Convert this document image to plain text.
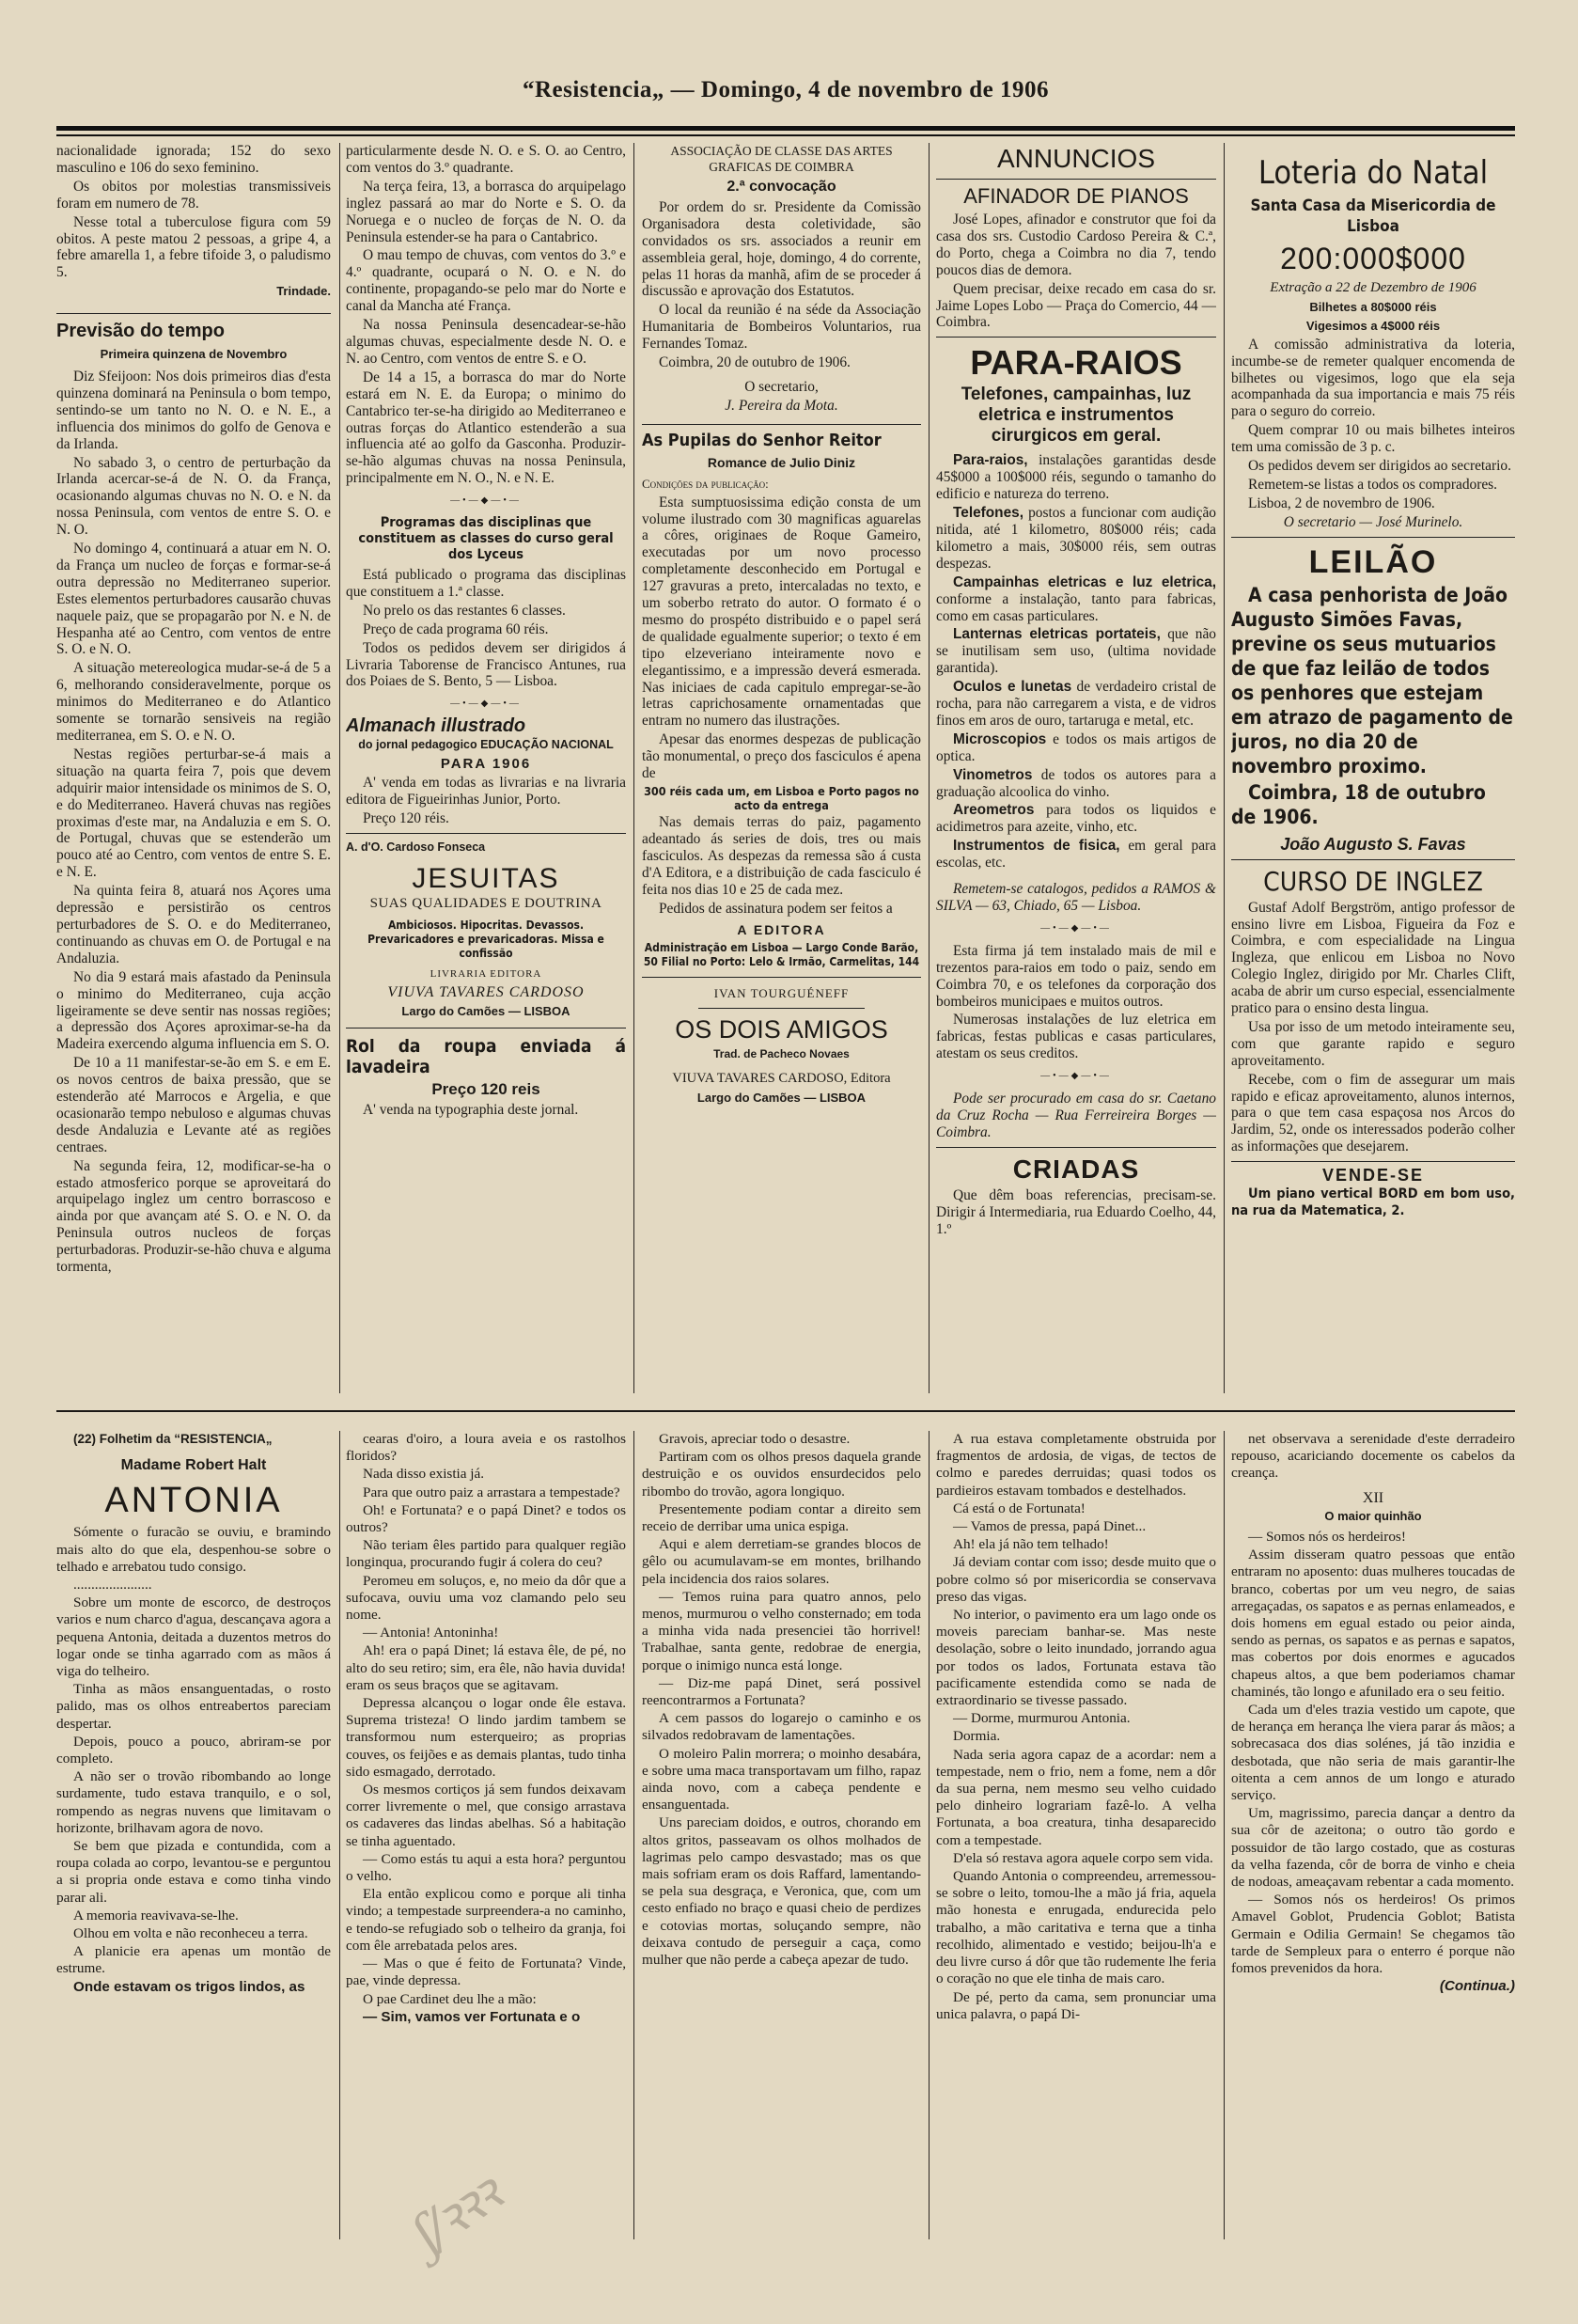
“Resistencia„ — Domingo, 4 de novembro de 1906

nacionalidade ignorada; 152 do sexo masculino e 106 do sexo feminino.

Os obitos por molestias transmissiveis foram em numero de 78.

Nesse total a tuberculose figura com 59 obitos. A peste matou 2 pessoas, a gripe 4, a febre amarella 1, a febre tifoide 3, o paludismo 5.

Trindade.

Previsão do tempo

Primeira quinzena de Novembro

Diz Sfeijoon: Nos dois primeiros dias d'esta quinzena dominará na Peninsula o bom tempo, sentindo-se um tanto no N. O. e N. E., a influencia dos minimos do golfo de Genova e da Irlanda.

No sabado 3, o centro de perturbação da Irlanda acercar-se-á de N. O. da França, ocasionando algumas chuvas no N. O. e N. da nossa Peninsula, com ventos de entre S. O. e N. O.

No domingo 4, continuará a atuar em N. O. da França um nucleo de forças e formar-se-á outra depressão no Mediterraneo superior. Estes elementos perturbadores causarão chuvas naquele paiz, que se propagarão por N. e N. de Hespanha até ao Centro, com ventos de entre S. O. e N. O.

A situação metereologica mudar-se-á de 5 a 6, melhorando consideravelmente, porque os minimos do Mediterraneo e do Atlantico somente se tornarão sensiveis na região mediterranea, em S. O. e N. O.

Nestas regiões perturbar-se-á mais a situação na quarta feira 7, pois que devem adquirir maior intensidade os minimos de S. O, e do Mediterraneo. Haverá chuvas nas regiões proximas d'este mar, na Andaluzia e em S. O. de Portugal, chuvas que se estenderão um pouco até ao Centro, com ventos de entre S. E. e N. E.

Na quinta feira 8, atuará nos Açores uma depressão e persistirão os centros perturbadores de S. O. e do Mediterraneo, continuando as chuvas em O. de Portugal e na Andaluzia.

No dia 9 estará mais afastado da Peninsula o minimo do Mediterraneo, cuja acção ligeiramente se deve sentir nas nossas regiões; a depressão dos Açores aproximar-se-ha da Madeira exercendo alguma influencia em S. O.

De 10 a 11 manifestar-se-ão em S. e em E. os novos centros de baixa pressão, que se estenderão até Marrocos e Argelia, e que ocasionarão tempo nebuloso e algumas chuvas desde Andaluzia e Levante até as regiões centraes.

Na segunda feira, 12, modificar-se-ha o estado atmosferico porque se aproveitará do arquipelago inglez um centro borrascoso e ainda por que avançam até S. O. e N. O. da Peninsula outros nucleos de forças perturbadoras. Produzir-se-hão chuva e alguma tormenta,

particularmente desde N. O. e S. O. ao Centro, com ventos do 3.º quadrante.

Na terça feira, 13, a borrasca do arquipelago inglez passará ao mar do Norte e S. O. da Noruega e o nucleo de forças de N. O. da Peninsula estender-se ha para o Cantabrico.

O mau tempo de chuvas, com ventos do 3.º e 4.º quadrante, ocupará o N. O. e N. do continente, propagando-se pelo mar do Norte e canal da Mancha até França.

Na nossa Peninsula desencadear-se-hão algumas chuvas, especialmente desde N. O. e N. ao Centro, com ventos de entre S. e O.

De 14 a 15, a borrasca do mar do Norte estará em N. E. da Europa; o minimo do Cantabrico ter-se-ha dirigido ao Mediterraneo e outras forças do Atlantico estenderão a sua influencia até ao golfo da Gasconha. Produzir-se-hão algumas chuvas na nossa Peninsula, principalmente em N. O., N. e N. E.

—•—◆—•—

Programas das disciplinas que constituem as classes do curso geral dos Lyceus

Está publicado o programa das disciplinas que constituem a 1.ª classe.

No prelo os das restantes 6 classes.

Preço de cada programa 60 réis.

Todos os pedidos devem ser dirigidos á Livraria Taborense de Francisco Antunes, rua dos Poiaes de S. Bento, 5 — Lisboa.

—•—◆—•—

Almanach illustrado

do jornal pedagogico EDUCAÇÃO NACIONAL

PARA 1906

A' venda em todas as livrarias e na livraria editora de Figueirinhas Junior, Porto.

Preço 120 réis.

A. d'O. Cardoso Fonseca

JESUITAS

SUAS QUALIDADES E DOUTRINA

Ambiciosos. Hipocritas. Devassos. Prevaricadores e prevaricadoras. Missa e confissão

LIVRARIA EDITORA

VIUVA TAVARES CARDOSO

Largo do Camões — LISBOA

Rol da roupa enviada á lavadeira

Preço 120 reis

A' venda na typographia deste jornal.

ASSOCIAÇÃO DE CLASSE DAS ARTES GRAFICAS DE COIMBRA

2.ª convocação

Por ordem do sr. Presidente da Comissão Organisadora desta coletividade, são convidados os srs. associados a reunir em assembleia geral, hoje, domingo, 4 do corrente, pelas 11 horas da manhã, afim de se proceder á discussão e aprovação dos Estatutos.

O local da reunião é na séde da Associação Humanitaria de Bombeiros Voluntarios, rua Fernandes Tomaz.

Coimbra, 20 de outubro de 1906.

O secretario,

J. Pereira da Mota.

As Pupilas do Senhor Reitor

Romance de Julio Diniz

Condições da publicação:

Esta sumptuosissima edição consta de um volume ilustrado com 30 magnificas aguarelas a côres, originaes de Roque Gameiro, executadas por um novo processo completamente desconhecido em Portugal e 127 gravuras a preto, intercaladas no texto, e um soberbo retrato do autor. O formato é o mesmo do prospéto distribuido e o papel será de qualidade egualmente superior; o texto é em tipo elzeveriano inteiramente novo e elegantissimo, e a impressão deverá esmerada. Nas iniciaes de cada capitulo empregar-se-ão letras caprichosamente ornamentadas que entram no numero das ilustrações.

Apesar das enormes despezas de publicação tão monumental, o preço dos fasciculos é apena de

300 réis cada um, em Lisboa e Porto pagos no acto da entrega

Nas demais terras do paiz, pagamento adeantado ás series de dois, tres ou mais fasciculos. As despezas da remessa são á custa d'A Editora, e a distribuição de cada fasciculo é feita nos dias 10 e 25 de cada mez.

Pedidos de assinatura podem ser feitos a

A EDITORA

Administração em Lisboa — Largo Conde Barão, 50 Filial no Porto: Lelo & Irmão, Carmelitas, 144

IVAN TOURGUÉNEFF

OS DOIS AMIGOS

Trad. de Pacheco Novaes

VIUVA TAVARES CARDOSO, Editora

Largo do Camões — LISBOA

ANNUNCIOS

AFINADOR DE PIANOS

José Lopes, afinador e construtor que foi da casa dos srs. Custodio Cardoso Pereira & C.ª, do Porto, chega a Coimbra no dia 7, tendo poucos dias de demora.

Quem precisar, deixe recado em casa do sr. Jaime Lopes Lobo — Praça do Comercio, 44 — Coimbra.

PARA-RAIOS

Telefones, campainhas, luz eletrica e instrumentos cirurgicos em geral.

Para-raios, instalações garantidas desde 45$000 a 100$000 réis, segundo o tamanho do edificio e natureza do terreno.

Telefones, postos a funcionar com audição nitida, até 1 kilometro, 80$000 réis; cada kilometro a mais, 30$000 réis, sem outras despezas.

Campainhas eletricas e luz eletrica, conforme a instalação, tanto para fabricas, como em casas particulares.

Lanternas eletricas portateis, que não se inutilisam sem uso, (ultima novidade garantida).

Oculos e lunetas de verdadeiro cristal de rocha, para não carregarem a vista, e de vidros finos em aros de ouro, tartaruga e metal, etc.

Microscopios e todos os mais artigos de optica.

Vinometros de todos os autores para a graduação alcoolica do vinho.

Areometros para todos os liquidos e acidimetros para azeite, vinho, etc.

Instrumentos de fisica, em geral para escolas, etc.

Remetem-se catalogos, pedidos a RAMOS & SILVA — 63, Chiado, 65 — Lisboa.

—•—◆—•—

Esta firma já tem instalado mais de mil e trezentos para-raios em todo o paiz, sendo em Coimbra 70, e os telefones da corporação dos bombeiros municipaes e muitos outros.

Numerosas instalações de luz eletrica em fabricas, festas publicas e casas particulares, atestam os seus creditos.

—•—◆—•—

Pode ser procurado em casa do sr. Caetano da Cruz Rocha — Rua Ferreireira Borges — Coimbra.

CRIADAS

Que dêm boas referencias, precisam-se. Dirigir á Intermediaria, rua Eduardo Coelho, 44, 1.º

Loteria do Natal

Santa Casa da Misericordia de Lisboa

200:000$000

Extração a 22 de Dezembro de 1906

Bilhetes a 80$000 réis

Vigesimos a 4$000 réis

A comissão administrativa da loteria, incumbe-se de remeter qualquer encomenda de bilhetes ou vigesimos, logo que ela seja acompanhada da sua importancia e mais 75 réis para o seguro do correio.

Quem comprar 10 ou mais bilhetes inteiros tem uma comissão de 3 p. c.

Os pedidos devem ser dirigidos ao secretario.

Remetem-se listas a todos os compradores.

Lisboa, 2 de novembro de 1906.

O secretario — José Murinelo.

LEILÃO

A casa penhorista de João Augusto Simões Favas, previne os seus mutuarios de que faz leilão de todos os penhores que estejam em atrazo de pagamento de juros, no dia 20 de novembro proximo.

Coimbra, 18 de outubro de 1906.

João Augusto S. Favas

CURSO DE INGLEZ

Gustaf Adolf Bergström, antigo professor de ensino livre em Lisboa, Figueira da Foz e Coimbra, e com especialidade na Lingua Ingleza, que enlicou em Lisboa no Novo Colegio Inglez, dirigido por Mr. Charles Clift, acaba de abrir um curso especial, essencialmente pratico para o ensino desta lingua.

Usa por isso de um metodo inteiramente seu, com que garante rapido e seguro aproveitamento.

Recebe, com o fim de assegurar um mais rapido e eficaz aproveitamento, alunos internos, para o que tem casa espaçosa nos Arcos do Jardim, 52, onde os interessados poderão colher as informações que desejarem.

VENDE-SE

Um piano vertical BORD em bom uso, na rua da Matematica, 2.

(22) Folhetim da “RESISTENCIA„

Madame Robert Halt

ANTONIA

Sómente o furacão se ouviu, e bramindo mais alto do que ela, despenhou-se sobre o telhado e arrebatou tudo consigo.

......................

Sobre um monte de escorco, de destroços varios e num charco d'agua, descançava agora a pequena Antonia, deitada a duzentos metros do logar onde se tinha agarrado com as mãos á viga do telheiro.

Tinha as mãos ensanguentadas, o rosto palido, mas os olhos entreabertos pareciam despertar.

Depois, pouco a pouco, abriram-se por completo.

A não ser o trovão ribombando ao longe surdamente, tudo estava tranquilo, e o sol, rompendo as negras nuvens que limitavam o horizonte, brilhavam agora de novo.

Se bem que pizada e contundida, com a roupa colada ao corpo, levantou-se e perguntou a si propria onde estava e como tinha vindo parar ali.

A memoria reavivava-se-lhe.

Olhou em volta e não reconheceu a terra.

A planicie era apenas um montão de estrume.

Onde estavam os trigos lindos, as

cearas d'oiro, a loura aveia e os rastolhos floridos?

Nada disso existia já.

Para que outro paiz a arrastara a tempestade?

Oh! e Fortunata? e o papá Dinet? e todos os outros?

Não teriam êles partido para qualquer região longinqua, procurando fugir á colera do ceu?

Peromeu em soluços, e, no meio da dôr que a sufocava, ouviu uma voz clamando pelo seu nome.

— Antonia! Antoninha!

Ah! era o papá Dinet; lá estava êle, de pé, no alto do seu retiro; sim, era êle, não havia duvida! eram os seus braços que se agitavam.

Depressa alcançou o logar onde êle estava. Suprema tristeza! O lindo jardim tambem se transformou num esterqueiro; as proprias couves, os feijões e as demais plantas, tudo tinha sido esmagado, derrotado.

Os mesmos cortiços já sem fundos deixavam correr livremente o mel, que consigo arrastava os cadaveres das lindas abelhas. Só a habitação se tinha aguentado.

— Como estás tu aqui a esta hora? perguntou o velho.

Ela então explicou como e porque ali tinha vindo; a tempestade surpreendera-a no caminho, e tendo-se refugiado sob o telheiro da granja, foi com êle arrebatada pelos ares.

— Mas o que é feito de Fortunata? Vinde, pae, vinde depressa.

O pae Cardinet deu lhe a mão:

— Sim, vamos ver Fortunata e o

Gravois, apreciar todo o desastre.

Partiram com os olhos presos daquela grande destruição e os ouvidos ensurdecidos pelo ribombo do trovão, agora longiquo.

Presentemente podiam contar a direito sem receio de derribar uma unica espiga.

Aqui e alem derretiam-se grandes blocos de gêlo ou acumulavam-se em montes, brilhando pela incidencia dos raios solares.

— Temos ruina para quatro annos, pelo menos, murmurou o velho consternado; em toda a minha vida nada presenciei tão horrivel! Trabalhae, santa gente, redobrae de energia, porque o inimigo nunca está longe.

— Diz-me papá Dinet, será possivel reencontrarmos a Fortunata?

A cem passos do logarejo o caminho e os silvados redobravam de lamentações.

O moleiro Palin morrera; o moinho desabára, e sobre uma maca transportavam um filho, rapaz ainda novo, com a cabeça pendente e ensanguentada.

Uns pareciam doidos, e outros, chorando em altos gritos, passeavam os olhos molhados de lagrimas pelo campo desvastado; mas os que mais sofriam eram os dois Raffard, lamentando-se pela sua desgraça, e Veronica, que, com um cesto enfiado no braço e quasi cheio de perdizes e cotovias mortas, soluçando sempre, não deixava contudo de perseguir a caça, como mulher que não perde a cabeça apezar de tudo.

A rua estava completamente obstruida por fragmentos de ardosia, de vigas, de tectos de colmo e paredes derruidas; quasi todos os pardieiros estavam tombados e destelhados.

Cá está o de Fortunata!

— Vamos de pressa, papá Dinet...

Ah! ela já não tem telhado!

Já deviam contar com isso; desde muito que o pobre colmo só por misericordia se conservava preso das vigas.

No interior, o pavimento era um lago onde os moveis pareciam banhar-se. Mas neste desolação, sobre o leito inundado, jorrando agua por todos os lados, Fortunata estava tão pacificamente estendida como se nada de extraordinario se tivesse passado.

— Dorme, murmurou Antonia.

Dormia.

Nada seria agora capaz de a acordar: nem a tempestade, nem o frio, nem a fome, nem a dôr da sua perna, nem mesmo seu velho cuidado pelo dinheiro lograriam fazê-lo. A velha Fortunata, a boa creatura, tinha desaparecido com a tempestade.

D'ela só restava agora aquele corpo sem vida.

Quando Antonia o compreendeu, arremessou-se sobre o leito, tomou-lhe a mão já fria, aquela mão honesta e enrugada, endurecida pelo trabalho, a mão caritativa e terna que a tinha recolhido, alimentado e vestido; beijou-lh'a e deu livre curso á dôr que tão rudemente lhe feria o coração no que ele tinha de mais caro.

De pé, perto da cama, sem pronunciar uma unica palavra, o papá Di-

net observava a serenidade d'este derradeiro repouso, acariciando docemente os cabelos da creança.

XII

O maior quinhão

— Somos nós os herdeiros!

Assim disseram quatro pessoas que então entraram no aposento: duas mulheres toucadas de branco, cobertas por um veu negro, de saias arregaçadas, os sapatos e as pernas enlameados, e dois homens em egual estado ou peior ainda, sendo as pernas, os sapatos e as pernas e sapatos, mas cobertos por dois enormes e agucados chapeus altos, a que bem poderiamos chamar chaminés, tão longo e afunilado era o seu feitio.

Cada um d'eles trazia vestido um capote, que de herança em herança lhe viera parar ás mãos; a sobrecasaca dos dias solénes, já tão inzidia e desbotada, que não seria de mais garantir-lhe oitenta a cem annos de um longo e aturado serviço.

Um, magrissimo, parecia dançar a dentro da sua côr de azeitona; o outro tão gordo e possuidor de tão largo costado, que as costuras da velha fazenda, côr de borra de vinho e cheia de nodoas, ameaçavam rebentar a cada momento.

— Somos nós os herdeiros! Os primos Amavel Goblot, Prudencia Goblot; Batista Germain e Odilia Germain! Se chegamos tão tarde de Sempleux para o enterro é porque não fomos prevenidos da hora.

(Continua.)

ʃ/ꝛꝛꝛ
